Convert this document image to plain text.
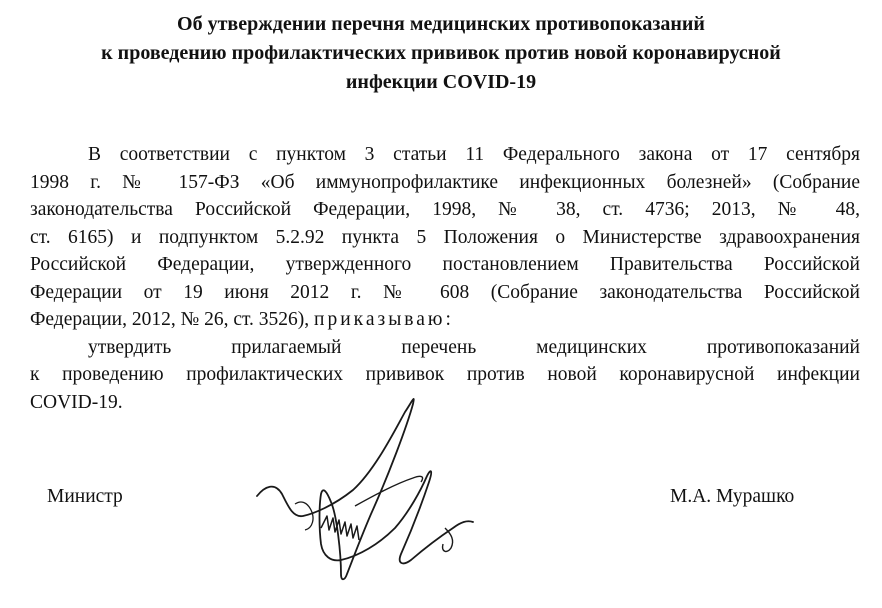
Об утверждении перечня медицинских противопоказаний
к проведению профилактических прививок против новой коронавирусной
инфекции COVID-19
В соответствии с пунктом 3 статьи 11 Федерального закона от 17 сентября
1998 г. № 157-ФЗ «Об иммунопрофилактике инфекционных болезней» (Собрание
законодательства Российской Федерации, 1998, № 38, ст. 4736; 2013, № 48,
ст. 6165) и подпунктом 5.2.92 пункта 5 Положения о Министерстве здравоохранения
Российской Федерации, утвержденного постановлением Правительства Российской
Федерации от 19 июня 2012 г. № 608 (Собрание законодательства Российской
Федерации, 2012, № 26, ст. 3526), приказываю:
утвердить прилагаемый перечень медицинских противопоказаний
к проведению профилактических прививок против новой коронавирусной инфекции
COVID-19.
Министр	М.А. Мурашко
